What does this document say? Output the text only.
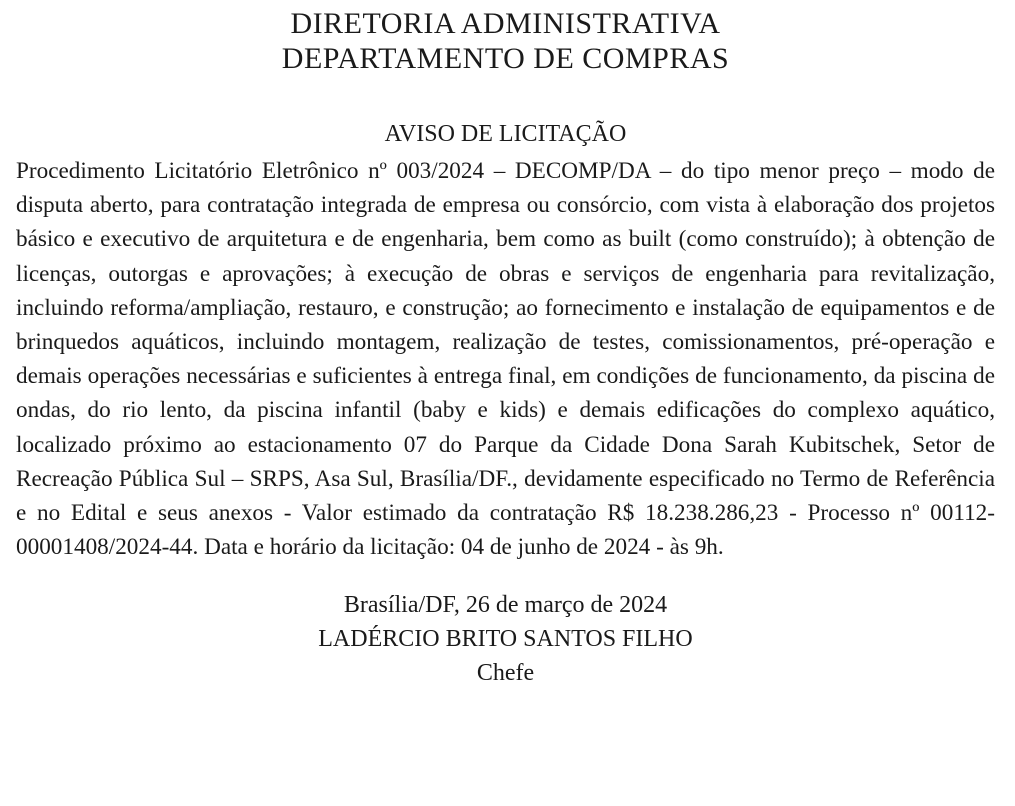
DIRETORIA ADMINISTRATIVA
DEPARTAMENTO DE COMPRAS
AVISO DE LICITAÇÃO

Procedimento Licitatório Eletrônico nº 003/2024 – DECOMP/DA – do tipo menor preço – modo de disputa aberto, para contratação integrada de empresa ou consórcio, com vista à elaboração dos projetos básico e executivo de arquitetura e de engenharia, bem como as built (como construído); à obtenção de licenças, outorgas e aprovações; à execução de obras e serviços de engenharia para revitalização, incluindo reforma/ampliação, restauro, e construção; ao fornecimento e instalação de equipamentos e de brinquedos aquáticos, incluindo montagem, realização de testes, comissionamentos, pré-operação e demais operações necessárias e suficientes à entrega final, em condições de funcionamento, da piscina de ondas, do rio lento, da piscina infantil (baby e kids) e demais edificações do complexo aquático, localizado próximo ao estacionamento 07 do Parque da Cidade Dona Sarah Kubitschek, Setor de Recreação Pública Sul – SRPS, Asa Sul, Brasília/DF., devidamente especificado no Termo de Referência e no Edital e seus anexos - Valor estimado da contratação R$ 18.238.286,23 - Processo nº 00112-00001408/2024-44. Data e horário da licitação: 04 de junho de 2024 - às 9h.

Brasília/DF, 26 de março de 2024
LADÉRCIO BRITO SANTOS FILHO
Chefe
